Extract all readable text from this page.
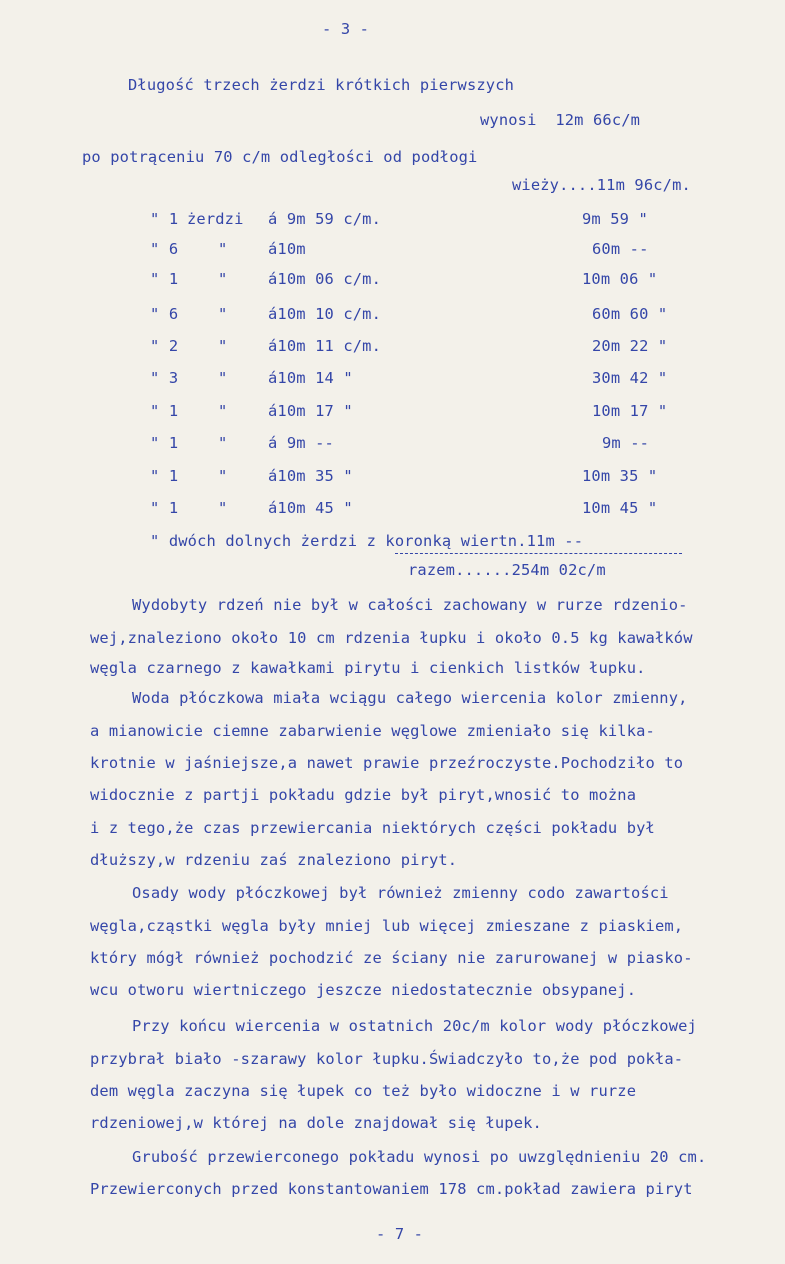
- 3 -
Długość trzech żerdzi krótkich pierwszych
wynosi  12m 66c/m
po potrąceniu 70 c/m odległości od podłogi
wieży....11m 96c/m.
" 1 żerdzi á 9m 59 c/m.	9m 59 "
" 6	"	á10m	60m --
" 1	"	á10m 06 c/m.	10m 06 "
" 6	"	á10m 10 c/m.	60m 60 "
" 2	"	á10m 11 c/m.	20m 22 "
" 3	"	á10m 14 "	30m 42 "
" 1	"	á10m 17 "	10m 17 "
" 1	"	á 9m --	9m --
" 1	"	á10m 35 "	10m 35 "
" 1	"	á10m 45 "	10m 45 "
" dwóch dolnych żerdzi z koronką wiertn.11m --
razem......254m 02c/m
Wydobyty rdzeń nie był w całości zachowany w rurze rdzenio-
wej,znaleziono około 10 cm rdzenia łupku i około 0.5 kg kawałków
węgla czarnego z kawałkami pirytu i cienkich listków łupku.
Woda płóczkowa miała wciągu całego wiercenia kolor zmienny,
a mianowicie ciemne zabarwienie węglowe zmieniało się kilka-
krotnie w jaśniejsze,a nawet prawie przeźroczyste.Pochodziło to
widocznie z partji pokładu gdzie był piryt,wnosić to można
i z tego,że czas przewiercania niektórych części pokładu był
dłuższy,w rdzeniu zaś znaleziono piryt.
Osady wody płóczkowej był również zmienny codo zawartości
węgla,cząstki węgla były mniej lub więcej zmieszane z piaskiem,
który mógł również pochodzić ze ściany nie zarurowanej w piasko-
wcu otworu wiertniczego jeszcze niedostatecznie obsypanej.
Przy końcu wiercenia w ostatnich 20c/m kolor wody płóczkowej
przybrał biało -szarawy kolor łupku.Świadczyło to,że pod pokła-
dem węgla zaczyna się łupek co też było widoczne i w rurze
rdzeniowej,w której na dole znajdował się łupek.
Grubość przewierconego pokładu wynosi po uwzględnieniu 20 cm.
Przewierconych przed konstantowaniem 178 cm.pokład zawiera piryt
- 7 -
